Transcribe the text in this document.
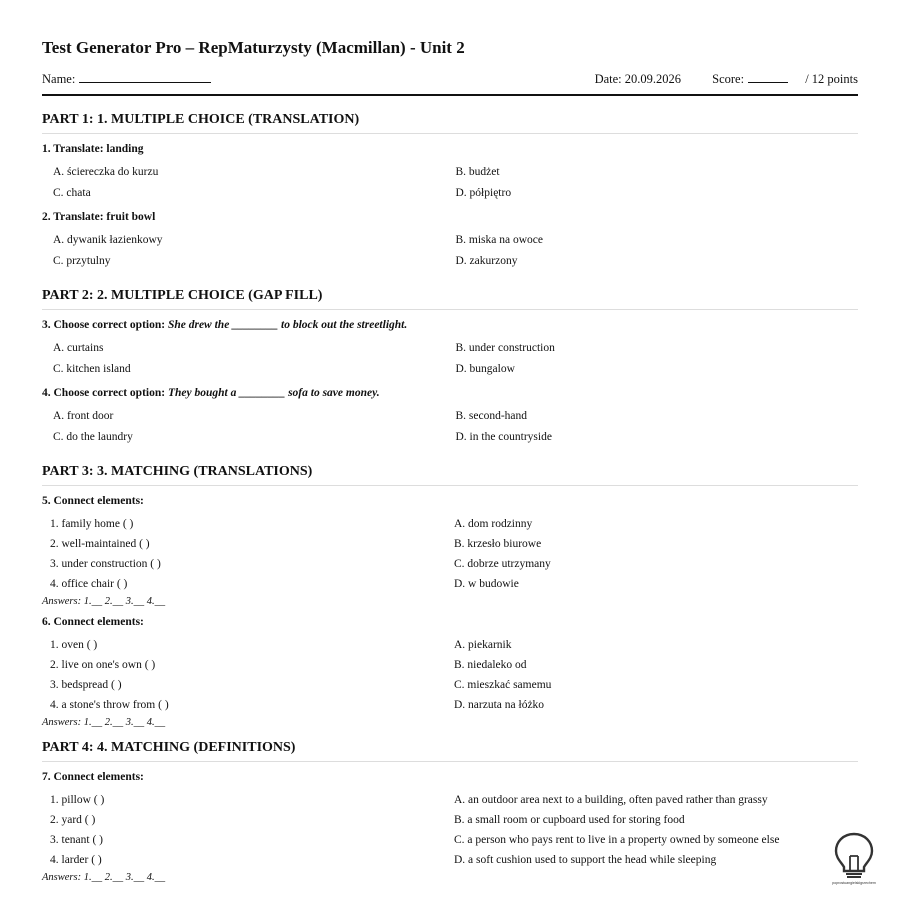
Test Generator Pro – RepMaturzysty (Macmillan) - Unit 2
Name:	Date: 20.09.2026 Score:	/ 12 points
PART 1: 1. MULTIPLE CHOICE (TRANSLATION)
1. Translate: landing
A. ściereczka do kurzu	B. budżet
C. chata	D. półpiętro
2. Translate: fruit bowl
A. dywanik łazienkowy	B. miska na owoce
C. przytulny	D. zakurzony
PART 2: 2. MULTIPLE CHOICE (GAP FILL)
3. Choose correct option: She drew the ________ to block out the streetlight.
A. curtains	B. under construction
C. kitchen island	D. bungalow
4. Choose correct option: They bought a ________ sofa to save money.
A. front door	B. second-hand
C. do the laundry	D. in the countryside
PART 3: 3. MATCHING (TRANSLATIONS)
5. Connect elements:
1. family home ( )	A. dom rodzinny
2. well-maintained ( )	B. krzesło biurowe
3. under construction ( )	C. dobrze utrzymany
4. office chair ( )	D. w budowie
Answers: 1.__ 2.__ 3.__ 4.__
6. Connect elements:
1. oven ( )	A. piekarnik
2. live on one's own ( )	B. niedaleko od
3. bedspread ( )	C. mieszkać samemu
4. a stone's throw from ( )	D. narzuta na łóżko
Answers: 1.__ 2.__ 3.__ 4.__
PART 4: 4. MATCHING (DEFINITIONS)
7. Connect elements:
1. pillow ( )	A. an outdoor area next to a building, often paved rather than grassy
2. yard ( )	B. a small room or cupboard used for storing food
3. tenant ( )	C. a person who pays rent to live in a property owned by someone else
4. larder ( )	D. a soft cushion used to support the head while sleeping
Answers: 1.__ 2.__ 3.__ 4.__	poprostuangielskigrzechem
